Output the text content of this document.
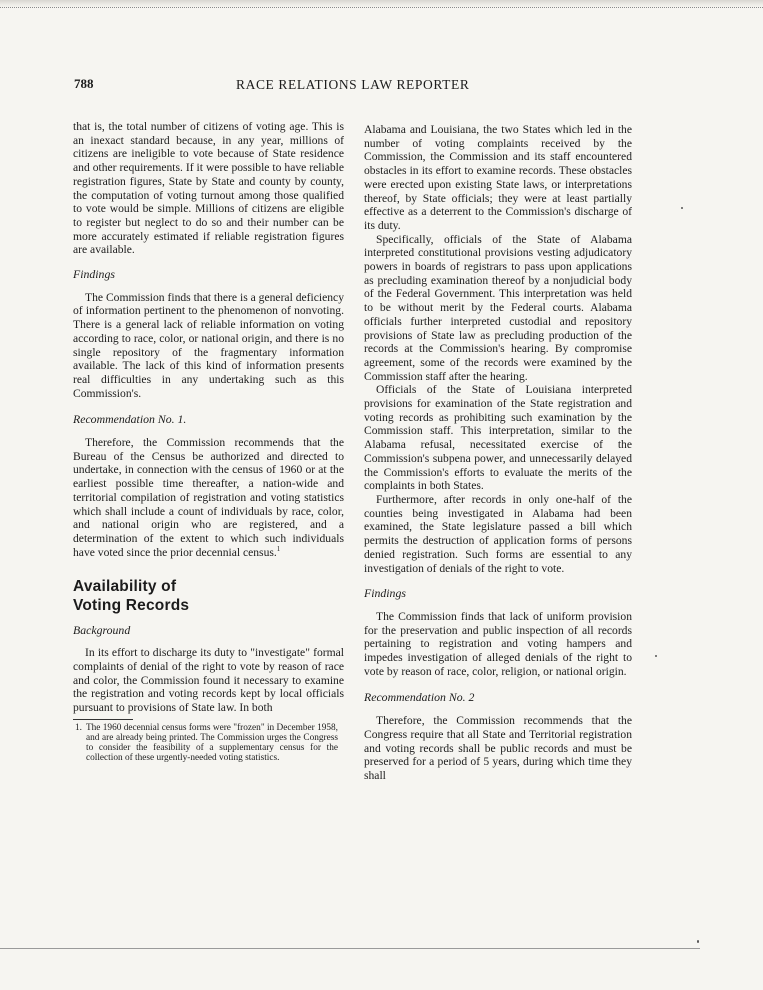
788	RACE RELATIONS LAW REPORTER

that is, the total number of citizens of voting age. This is an inexact standard because, in any year, millions of citizens are ineligible to vote because of State residence and other requirements. If it were possible to have reliable registration figures, State by State and county by county, the computation of voting turnout among those qualified to vote would be simple. Millions of citizens are eligible to register but neglect to do so and their number can be more accurately estimated if reliable registration figures are available.

Findings

The Commission finds that there is a general deficiency of information pertinent to the phenomenon of nonvoting. There is a general lack of reliable information on voting according to race, color, or national origin, and there is no single repository of the fragmentary information available. The lack of this kind of information presents real difficulties in any undertaking such as this Commission's.

Recommendation No. 1.

Therefore, the Commission recommends that the Bureau of the Census be authorized and directed to undertake, in connection with the census of 1960 or at the earliest possible time thereafter, a nation-wide and territorial compilation of registration and voting statistics which shall include a count of individuals by race, color, and national origin who are registered, and a determination of the extent to which such individuals have voted since the prior decennial census.$^1$

Availability of

Voting Records

Background

In its effort to discharge its duty to "investigate" formal complaints of denial of the right to vote by reason of race and color, the Commission found it necessary to examine the registration and voting records kept by local officials pursuant to provisions of State law. In both

1. The 1960 decennial census forms were "frozen" in December 1958, and are already being printed. The Commission urges the Congress to consider the feasibility of a supplementary census for the collection of these urgently-needed voting statistics.

Alabama and Louisiana, the two States which led in the number of voting complaints received by the Commission, the Commission and its staff encountered obstacles in its effort to examine records. These obstacles were erected upon existing State laws, or interpretations thereof, by State officials; they were at least partially effective as a deterrent to the Commission's discharge of its duty.

Specifically, officials of the State of Alabama interpreted constitutional provisions vesting adjudicatory powers in boards of registrars to pass upon applications as precluding examination thereof by a nonjudicial body of the Federal Government. This interpretation was held to be without merit by the Federal courts. Alabama officials further interpreted custodial and repository provisions of State law as precluding production of the records at the Commission's hearing. By compromise agreement, some of the records were examined by the Commission staff after the hearing.

Officials of the State of Louisiana interpreted provisions for examination of the State registration and voting records as prohibiting such examination by the Commission staff. This interpretation, similar to the Alabama refusal, necessitated exercise of the Commission's subpena power, and unnecessarily delayed the Commission's efforts to evaluate the merits of the complaints in both States.

Furthermore, after records in only one-half of the counties being investigated in Alabama had been examined, the State legislature passed a bill which permits the destruction of application forms of persons denied registration. Such forms are essential to any investigation of denials of the right to vote.

Findings

The Commission finds that lack of uniform provision for the preservation and public inspection of all records pertaining to registration and voting hampers and impedes investigation of alleged denials of the right to vote by reason of race, color, religion, or national origin.

Recommendation No. 2

Therefore, the Commission recommends that the Congress require that all State and Territorial registration and voting records shall be public records and must be preserved for a period of 5 years, during which time they shall
